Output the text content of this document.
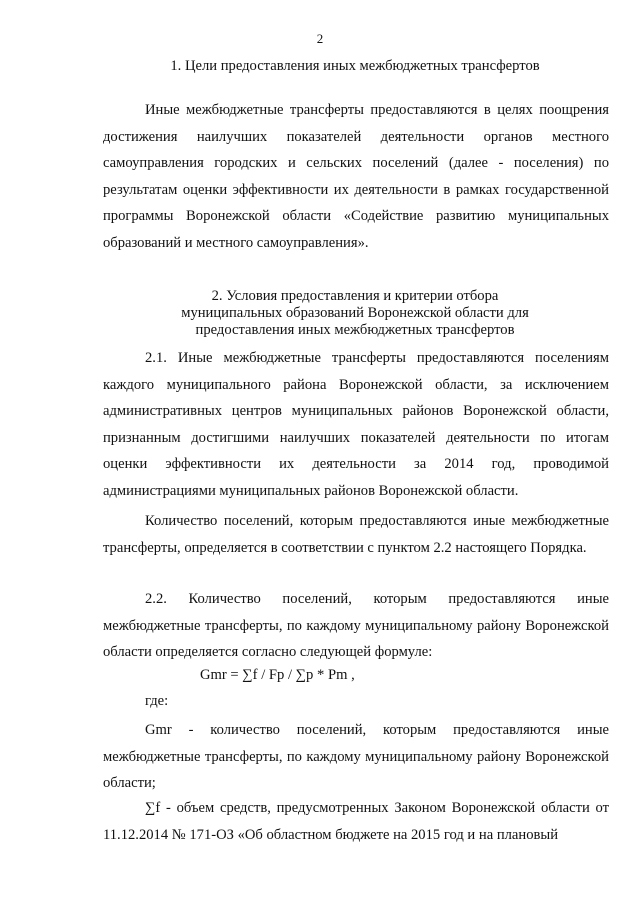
2
1. Цели предоставления иных межбюджетных трансфертов

Иные межбюджетные трансферты предоставляются в целях поощрения достижения наилучших показателей деятельности органов местного самоуправления городских и сельских поселений (далее - поселения) по результатам оценки эффективности их деятельности в рамках государственной программы Воронежской области «Содействие развитию муниципальных образований и местного самоуправления».

2. Условия предоставления и критерии отбора
муниципальных образований Воронежской области для
предоставления иных межбюджетных трансфертов

2.1. Иные межбюджетные трансферты предоставляются поселениям каждого муниципального района Воронежской области, за исключением административных центров муниципальных районов Воронежской области, признанным достигшими наилучших показателей деятельности по итогам оценки эффективности их деятельности за 2014 год, проводимой администрациями муниципальных районов Воронежской области.

Количество поселений, которым предоставляются иные межбюджетные трансферты, определяется в соответствии с пунктом 2.2 настоящего Порядка.

2.2. Количество поселений, которым предоставляются иные межбюджетные трансферты, по каждому муниципальному району Воронежской области определяется согласно следующей формуле:

Gmr = ∑f / Fp / ∑p * Pm ,
где:

Gmr - количество поселений, которым предоставляются иные межбюджетные трансферты, по каждому муниципальному району Воронежской области;

∑f - объем средств, предусмотренных Законом Воронежской области от 11.12.2014 № 171-ОЗ «Об областном бюджете на 2015 год и на плановый
